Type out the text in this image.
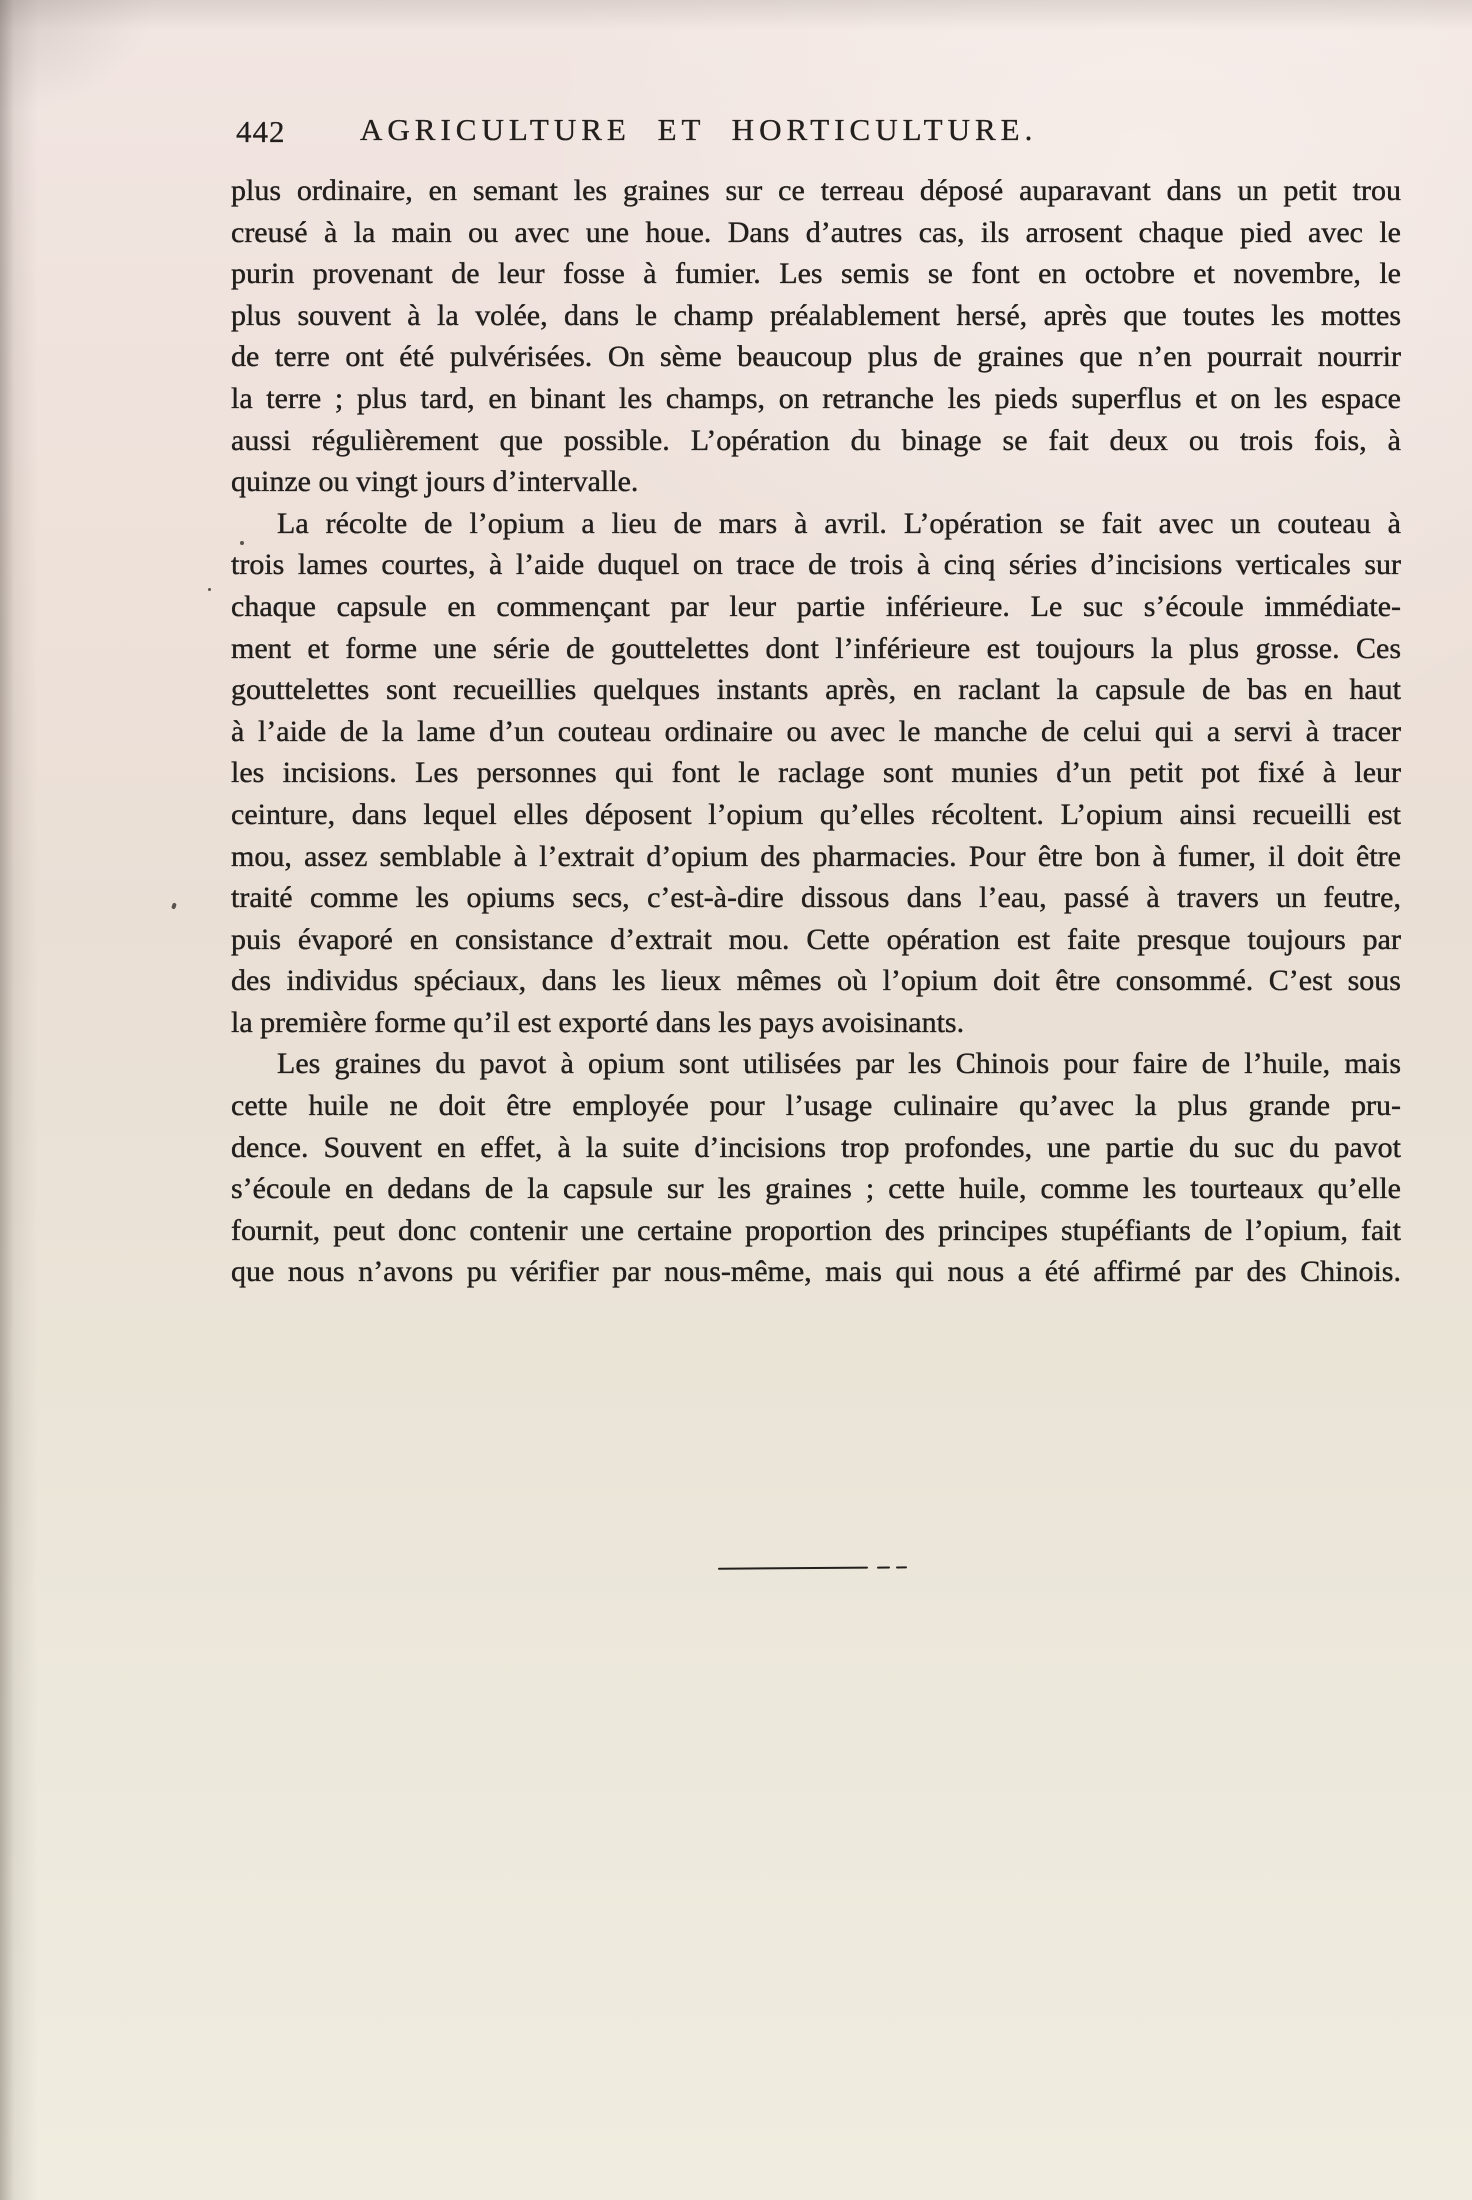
442 AGRICULTURE ET HORTICULTURE.
plus ordinaire, en semant les graines sur ce terreau déposé auparavant dans un petit trou
creusé à la main ou avec une houe. Dans d’autres cas, ils arrosent chaque pied avec le
purin provenant de leur fosse à fumier. Les semis se font en octobre et novembre, le
plus souvent à la volée, dans le champ préalablement hersé, après que toutes les mottes
de terre ont été pulvérisées. On sème beaucoup plus de graines que n’en pourrait nourrir
la terre ; plus tard, en binant les champs, on retranche les pieds superflus et on les espace
aussi régulièrement que possible. L’opération du binage se fait deux ou trois fois, à
quinze ou vingt jours d’intervalle.
La récolte de l’opium a lieu de mars à avril. L’opération se fait avec un couteau à
trois lames courtes, à l’aide duquel on trace de trois à cinq séries d’incisions verticales sur
chaque capsule en commençant par leur partie inférieure. Le suc s’écoule immédiate-
ment et forme une série de gouttelettes dont l’inférieure est toujours la plus grosse. Ces
gouttelettes sont recueillies quelques instants après, en raclant la capsule de bas en haut
à l’aide de la lame d’un couteau ordinaire ou avec le manche de celui qui a servi à tracer
les incisions. Les personnes qui font le raclage sont munies d’un petit pot fixé à leur
ceinture, dans lequel elles déposent l’opium qu’elles récoltent. L’opium ainsi recueilli est
mou, assez semblable à l’extrait d’opium des pharmacies. Pour être bon à fumer, il doit être
traité comme les opiums secs, c’est-à-dire dissous dans l’eau, passé à travers un feutre,
puis évaporé en consistance d’extrait mou. Cette opération est faite presque toujours par
des individus spéciaux, dans les lieux mêmes où l’opium doit être consommé. C’est sous
la première forme qu’il est exporté dans les pays avoisinants.
Les graines du pavot à opium sont utilisées par les Chinois pour faire de l’huile, mais
cette huile ne doit être employée pour l’usage culinaire qu’avec la plus grande pru-
dence. Souvent en effet, à la suite d’incisions trop profondes, une partie du suc du pavot
s’écoule en dedans de la capsule sur les graines ; cette huile, comme les tourteaux qu’elle
fournit, peut donc contenir une certaine proportion des principes stupéfiants de l’opium, fait
que nous n’avons pu vérifier par nous-même, mais qui nous a été affirmé par des Chinois.
